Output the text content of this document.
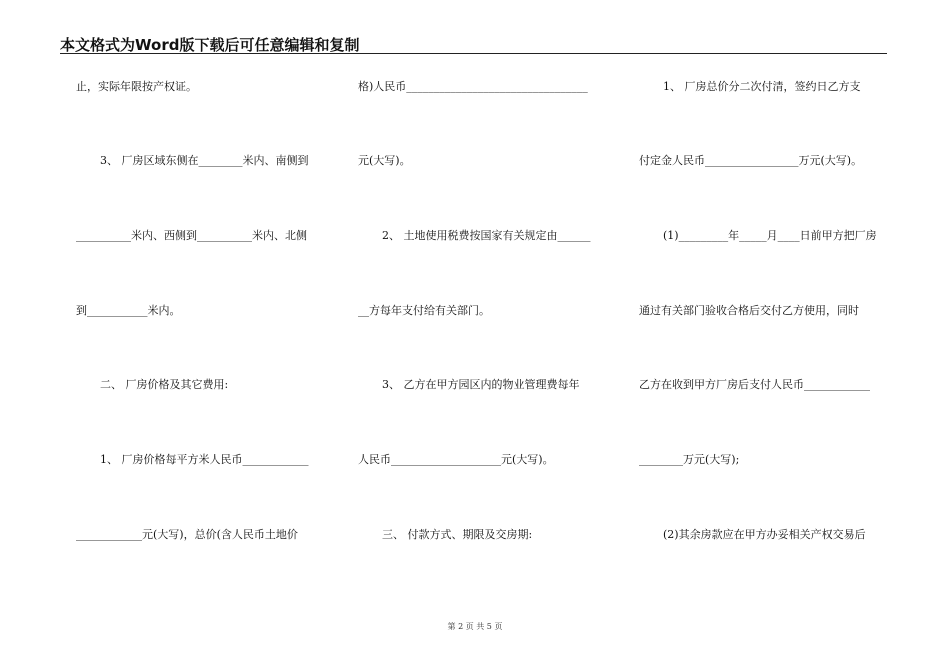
本文格式为Word版下载后可任意编辑和复制
止，实际年限按产权证。
3、 厂房区域东侧在________米内、南侧到
__________米内、西侧到__________米内、北侧
到___________米内。
二、 厂房价格及其它费用:
1、 厂房价格每平方米人民币____________
____________元(大写)，总价(含人民币土地价
格)人民币_________________________________
元(大写)。
2、 土地使用税费按国家有关规定由______
__方每年支付给有关部门。
3、 乙方在甲方园区内的物业管理费每年
人民币____________________元(大写)。
三、 付款方式、期限及交房期:
1、 厂房总价分二次付清，签约日乙方支
付定金人民币_________________万元(大写)。
(1)_________年_____月____日前甲方把厂房
通过有关部门验收合格后交付乙方使用，同时
乙方在收到甲方厂房后支付人民币____________
________万元(大写);
(2)其余房款应在甲方办妥相关产权交易后
第 2 页 共 5 页
